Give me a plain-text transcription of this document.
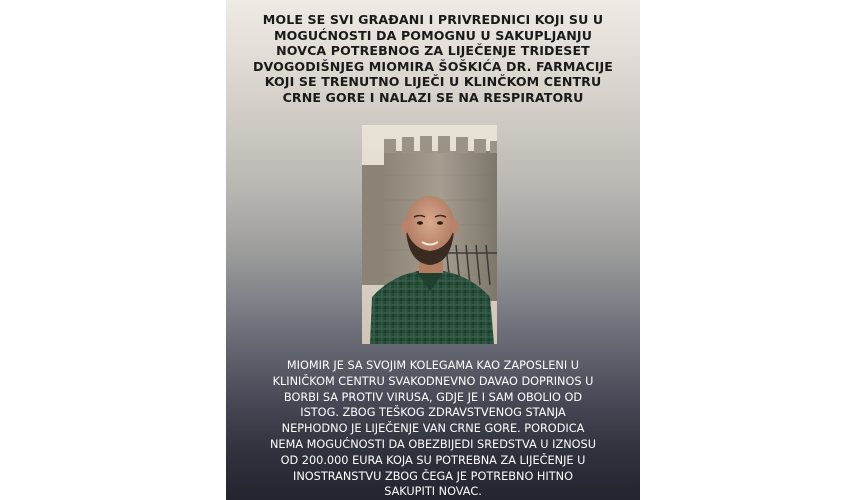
MOLE SE SVI GRAĐANI I PRIVREDNICI KOJI SU U
MOGUĆNOSTI DA POMOGNU U SAKUPLJANJU
NOVCA POTREBNOG ZA LIJEČENJE TRIDESET
DVOGODIŠNJEG MIOMIRA ŠOŠKIĆA DR. FARMACIJE
KOJI SE TRENUTNO LIJEČI U KLINČKOM CENTRU
CRNE GORE I NALAZI SE NA RESPIRATORU

MIOMIR JE SA SVOJIM KOLEGAMA KAO ZAPOSLENI U
KLINIČKOM CENTRU SVAKODNEVNO DAVAO DOPRINOS U
BORBI SA PROTIV VIRUSA, GDJE JE I SAM OBOLIO OD
ISTOG. ZBOG TEŠKOG ZDRAVSTVENOG STANJA
NEPHODNO JE LIJEČENJE VAN CRNE GORE. PORODICA
NEMA MOGUĆNOSTI DA OBEZBIJEDI SREDSTVA U IZNOSU
OD 200.000 EURA KOJA SU POTREBNA ZA LIJEČENJE U
INOSTRANSTVU ZBOG ČEGA JE POTREBNO HITNO
SAKUPITI NOVAC.
